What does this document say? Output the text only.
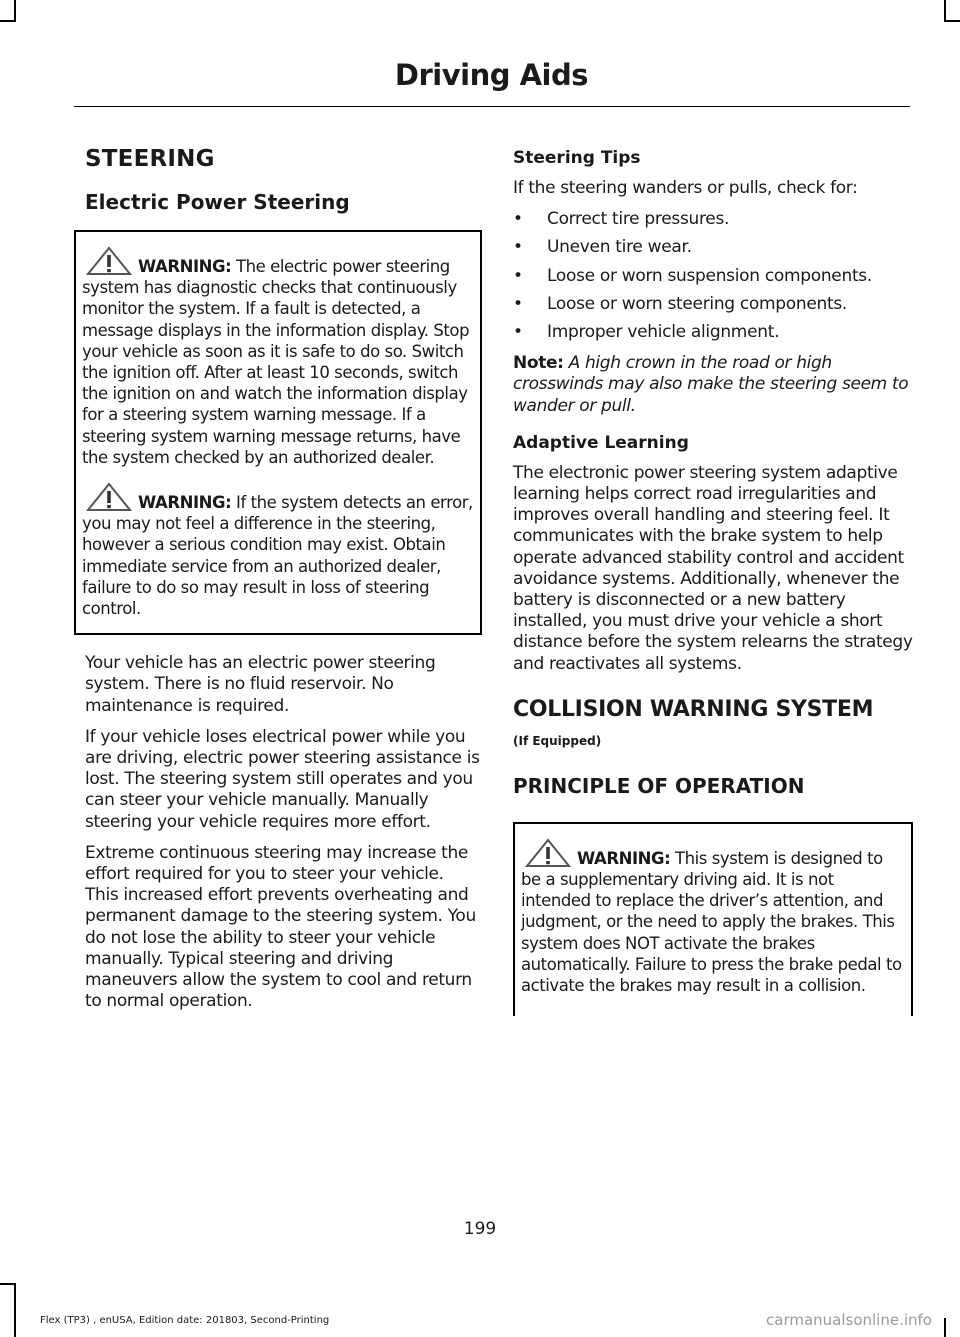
Driving Aids
STEERING
Electric Power Steering
WARNING: The electric power steering system has diagnostic checks that continuously monitor the system. If a fault is detected, a message displays in the information display. Stop your vehicle as soon as it is safe to do so. Switch the ignition off. After at least 10 seconds, switch the ignition on and watch the information display for a steering system warning message. If a steering system warning message returns, have the system checked by an authorized dealer.
WARNING: If the system detects an error, you may not feel a difference in the steering, however a serious condition may exist. Obtain immediate service from an authorized dealer, failure to do so may result in loss of steering control.

Your vehicle has an electric power steering system. There is no fluid reservoir. No maintenance is required.

If your vehicle loses electrical power while you are driving, electric power steering assistance is lost. The steering system still operates and you can steer your vehicle manually. Manually steering your vehicle requires more effort.

Extreme continuous steering may increase the effort required for you to steer your vehicle. This increased effort prevents overheating and permanent damage to the steering system. You do not lose the ability to steer your vehicle manually. Typical steering and driving maneuvers allow the system to cool and return to normal operation.

Steering Tips

If the steering wanders or pulls, check for:

• Correct tire pressures.
• Uneven tire wear.
• Loose or worn suspension components.
• Loose or worn steering components.
• Improper vehicle alignment.

Note: A high crown in the road or high crosswinds may also make the steering seem to wander or pull.

Adaptive Learning

The electronic power steering system adaptive learning helps correct road irregularities and improves overall handling and steering feel. It communicates with the brake system to help operate advanced stability control and accident avoidance systems. Additionally, whenever the battery is disconnected or a new battery installed, you must drive your vehicle a short distance before the system relearns the strategy and reactivates all systems.

COLLISION WARNING SYSTEM
(If Equipped)
PRINCIPLE OF OPERATION
WARNING: This system is designed to be a supplementary driving aid. It is not intended to replace the driver’s attention, and judgment, or the need to apply the brakes. This system does NOT activate the brakes automatically. Failure to press the brake pedal to activate the brakes may result in a collision.
199
Flex (TP3) , enUSA, Edition date: 201803, Second-Printing	carmanualsonline.info
